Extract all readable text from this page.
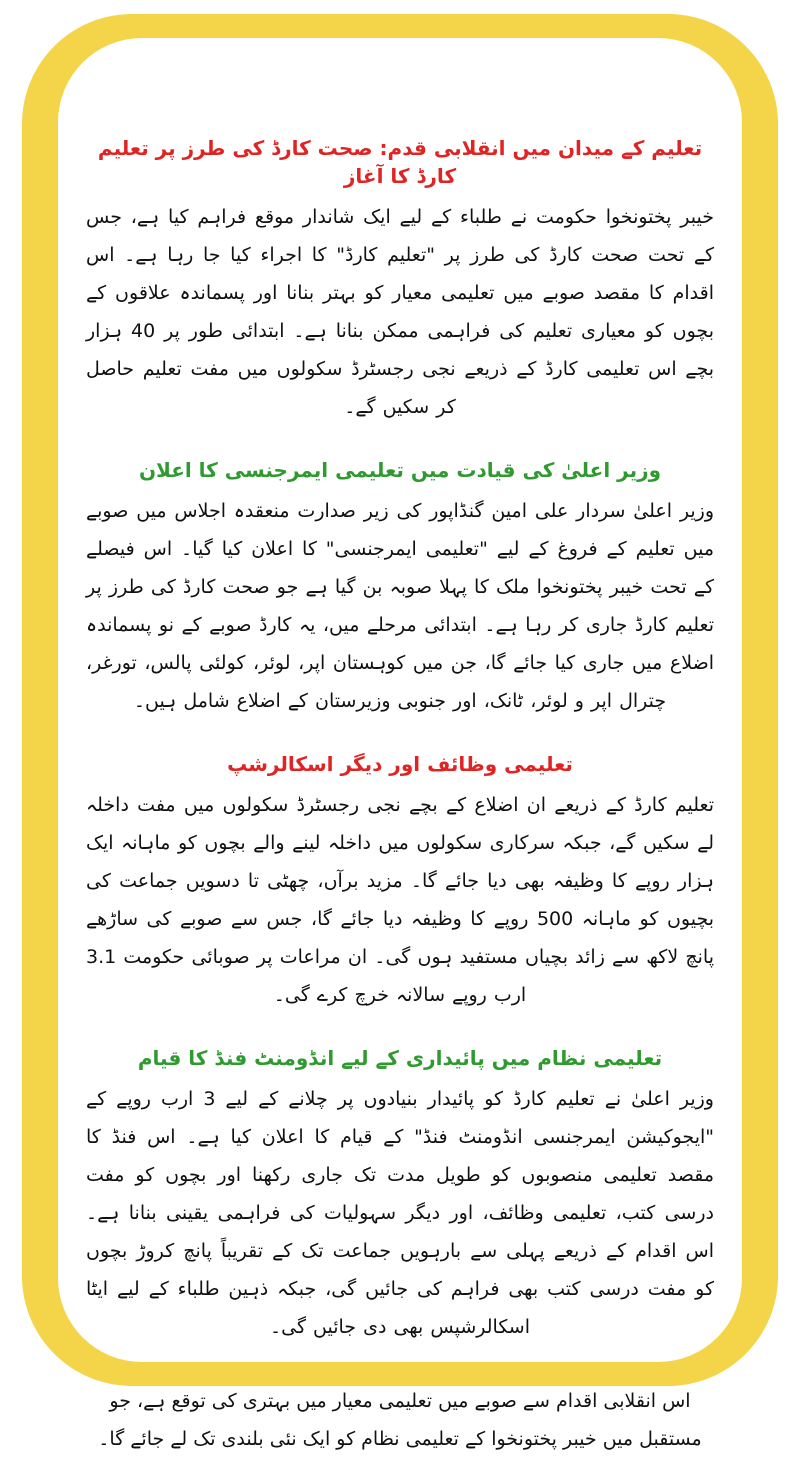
تعلیم کے میدان میں انقلابی قدم: صحت کارڈ کی طرز پر تعلیم کارڈ کا آغاز

خیبر پختونخوا حکومت نے طلباء کے لیے ایک شاندار موقع فراہم کیا ہے، جس کے تحت صحت کارڈ کی طرز پر "تعلیم کارڈ" کا اجراء کیا جا رہا ہے۔ اس اقدام کا مقصد صوبے میں تعلیمی معیار کو بہتر بنانا اور پسماندہ علاقوں کے بچوں کو معیاری تعلیم کی فراہمی ممکن بنانا ہے۔ ابتدائی طور پر 40 ہزار بچے اس تعلیمی کارڈ کے ذریعے نجی رجسٹرڈ سکولوں میں مفت تعلیم حاصل کر سکیں گے۔

وزیر اعلیٰ کی قیادت میں تعلیمی ایمرجنسی کا اعلان

وزیر اعلیٰ سردار علی امین گنڈاپور کی زیر صدارت منعقدہ اجلاس میں صوبے میں تعلیم کے فروغ کے لیے "تعلیمی ایمرجنسی" کا اعلان کیا گیا۔ اس فیصلے کے تحت خیبر پختونخوا ملک کا پہلا صوبہ بن گیا ہے جو صحت کارڈ کی طرز پر تعلیم کارڈ جاری کر رہا ہے۔ ابتدائی مرحلے میں، یہ کارڈ صوبے کے نو پسماندہ اضلاع میں جاری کیا جائے گا، جن میں کوہستان اپر، لوئر، کولئی پالس، تورغر، چترال اپر و لوئر، ٹانک، اور جنوبی وزیرستان کے اضلاع شامل ہیں۔

تعلیمی وظائف اور دیگر اسکالرشپ

تعلیم کارڈ کے ذریعے ان اضلاع کے بچے نجی رجسٹرڈ سکولوں میں مفت داخلہ لے سکیں گے، جبکہ سرکاری سکولوں میں داخلہ لینے والے بچوں کو ماہانہ ایک ہزار روپے کا وظیفہ بھی دیا جائے گا۔ مزید برآں، چھٹی تا دسویں جماعت کی بچیوں کو ماہانہ 500 روپے کا وظیفہ دیا جائے گا، جس سے صوبے کی ساڑھے پانچ لاکھ سے زائد بچیاں مستفید ہوں گی۔ ان مراعات پر صوبائی حکومت 3.1 ارب روپے سالانہ خرچ کرے گی۔

تعلیمی نظام میں پائیداری کے لیے انڈومنٹ فنڈ کا قیام

وزیر اعلیٰ نے تعلیم کارڈ کو پائیدار بنیادوں پر چلانے کے لیے 3 ارب روپے کے "ایجوکیشن ایمرجنسی انڈومنٹ فنڈ" کے قیام کا اعلان کیا ہے۔ اس فنڈ کا مقصد تعلیمی منصوبوں کو طویل مدت تک جاری رکھنا اور بچوں کو مفت درسی کتب، تعلیمی وظائف، اور دیگر سہولیات کی فراہمی یقینی بنانا ہے۔ اس اقدام کے ذریعے پہلی سے بارہویں جماعت تک کے تقریباً پانچ کروڑ بچوں کو مفت درسی کتب بھی فراہم کی جائیں گی، جبکہ ذہین طلباء کے لیے ایٹا اسکالرشپس بھی دی جائیں گی۔

اس انقلابی اقدام سے صوبے میں تعلیمی معیار میں بہتری کی توقع ہے، جو مستقبل میں خیبر پختونخوا کے تعلیمی نظام کو ایک نئی بلندی تک لے جائے گا۔
